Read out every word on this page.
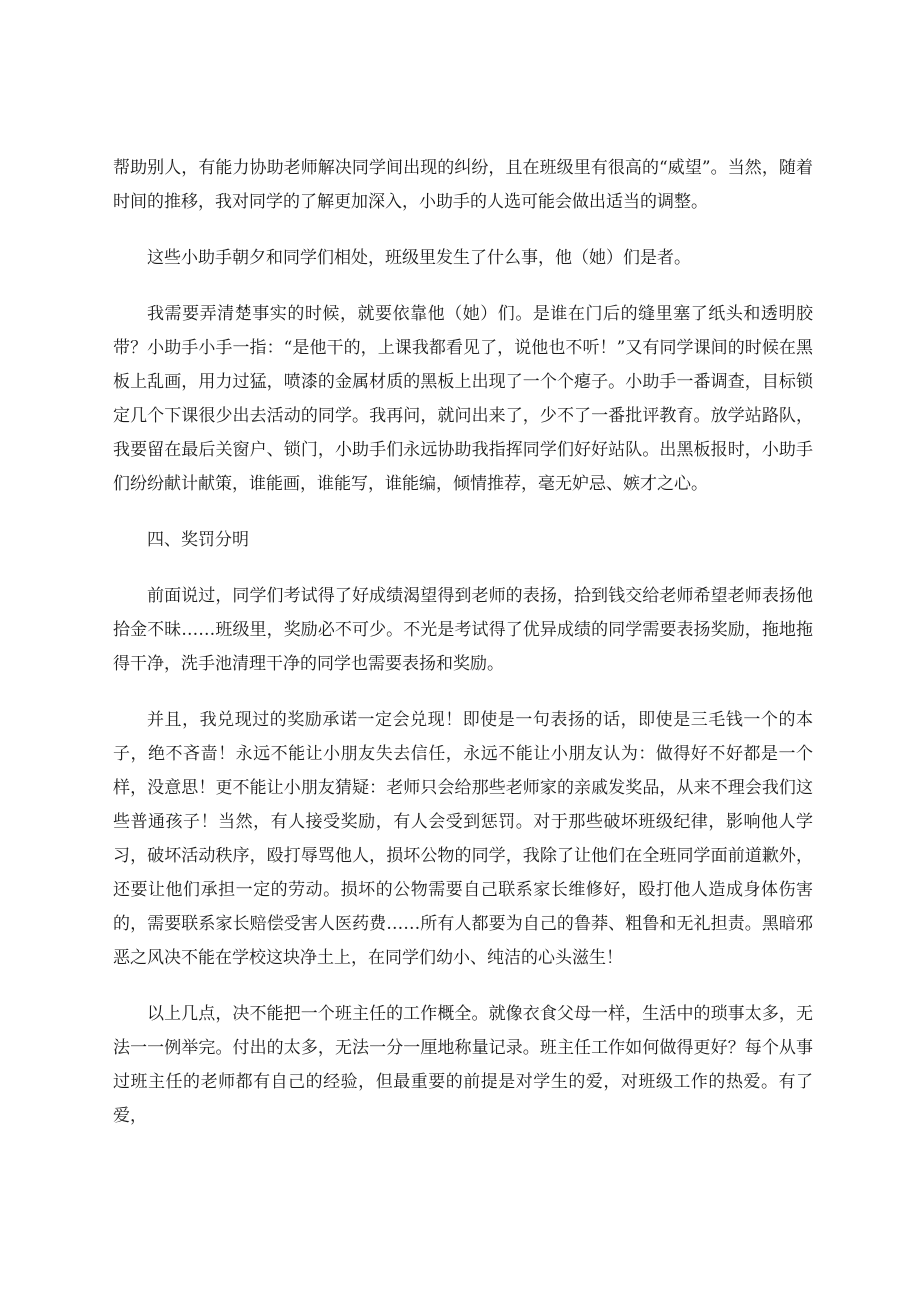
帮助别人，有能力协助老师解决同学间出现的纠纷，且在班级里有很高的“威望”。当然，随着时间的推移，我对同学的了解更加深入，小助手的人选可能会做出适当的调整。

这些小助手朝夕和同学们相处，班级里发生了什么事，他（她）们是者。

我需要弄清楚事实的时候，就要依靠他（她）们。是谁在门后的缝里塞了纸头和透明胶带？小助手小手一指：“是他干的，上课我都看见了，说他也不听！”又有同学课间的时候在黑板上乱画，用力过猛，喷漆的金属材质的黑板上出现了一个个瘪子。小助手一番调查，目标锁定几个下课很少出去活动的同学。我再问，就问出来了，少不了一番批评教育。放学站路队，我要留在最后关窗户、锁门，小助手们永远协助我指挥同学们好好站队。出黑板报时，小助手们纷纷献计献策，谁能画，谁能写，谁能编，倾情推荐，毫无妒忌、嫉才之心。

四、奖罚分明

前面说过，同学们考试得了好成绩渴望得到老师的表扬，拾到钱交给老师希望老师表扬他拾金不昧……班级里，奖励必不可少。不光是考试得了优异成绩的同学需要表扬奖励，拖地拖得干净，洗手池清理干净的同学也需要表扬和奖励。

并且，我兑现过的奖励承诺一定会兑现！即使是一句表扬的话，即使是三毛钱一个的本子，绝不吝啬！永远不能让小朋友失去信任，永远不能让小朋友认为：做得好不好都是一个样，没意思！更不能让小朋友猜疑：老师只会给那些老师家的亲戚发奖品，从来不理会我们这些普通孩子！当然，有人接受奖励，有人会受到惩罚。对于那些破坏班级纪律，影响他人学习，破坏活动秩序，殴打辱骂他人，损坏公物的同学，我除了让他们在全班同学面前道歉外，还要让他们承担一定的劳动。损坏的公物需要自己联系家长维修好，殴打他人造成身体伤害的，需要联系家长赔偿受害人医药费……所有人都要为自己的鲁莽、粗鲁和无礼担责。黑暗邪恶之风决不能在学校这块净土上，在同学们幼小、纯洁的心头滋生！

以上几点，决不能把一个班主任的工作概全。就像衣食父母一样，生活中的琐事太多，无法一一例举完。付出的太多，无法一分一厘地称量记录。班主任工作如何做得更好？每个从事过班主任的老师都有自己的经验，但最重要的前提是对学生的爱，对班级工作的热爱。有了爱，
